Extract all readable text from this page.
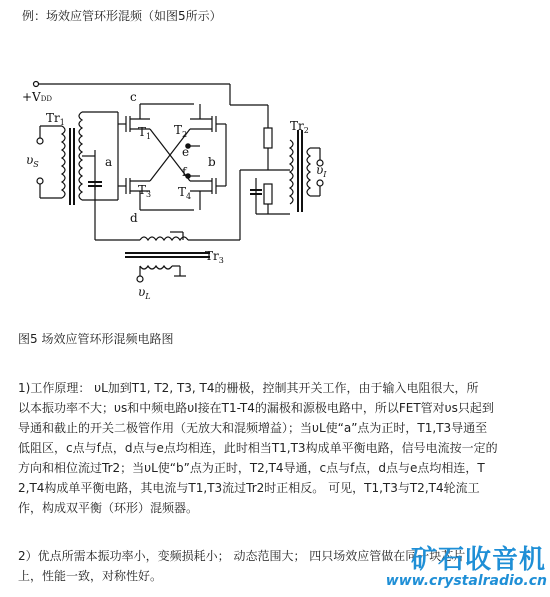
例：场效应管环形混频（如图5所示）
+VDD
$Tr_1$	$Tr_2$
$Tr_3$
$T_1$ $T_2$
$T_3$ $T_4$
a	b
c
d
e
f
$\upsilon_S$	$\upsilon_I$
$\upsilon_L$
图5 场效应管环形混频电路图
1)工作原理： υL加到T1, T2, T3, T4的栅极，控制其开关工作，由于输入电阻很大，所
以本振功率不大；υs和中频电路υI接在T1-T4的漏极和源极电路中，所以FET管对υs只起到
导通和截止的开关二极管作用（无放大和混频增益）；当υL使“a”点为正时，T1,T3导通至
低阻区，c点与f点，d点与e点均相连，此时相当T1,T3构成单平衡电路，信号电流按一定的
方向和相位流过Tr2；当υL使“b”点为正时，T2,T4导通，c点与f点，d点与e点均相连，T
2,T4构成单平衡电路，其电流与T1,T3流过Tr2时正相反。 可见，T1,T3与T2,T4轮流工
作，构成双平衡（环形）混频器。
2）优点所需本振功率小，变频损耗小； 动态范围大； 四只场效应管做在同一块芯片
上，性能一致，对称性好。
矿石收音机
www.crystalradio.cn
